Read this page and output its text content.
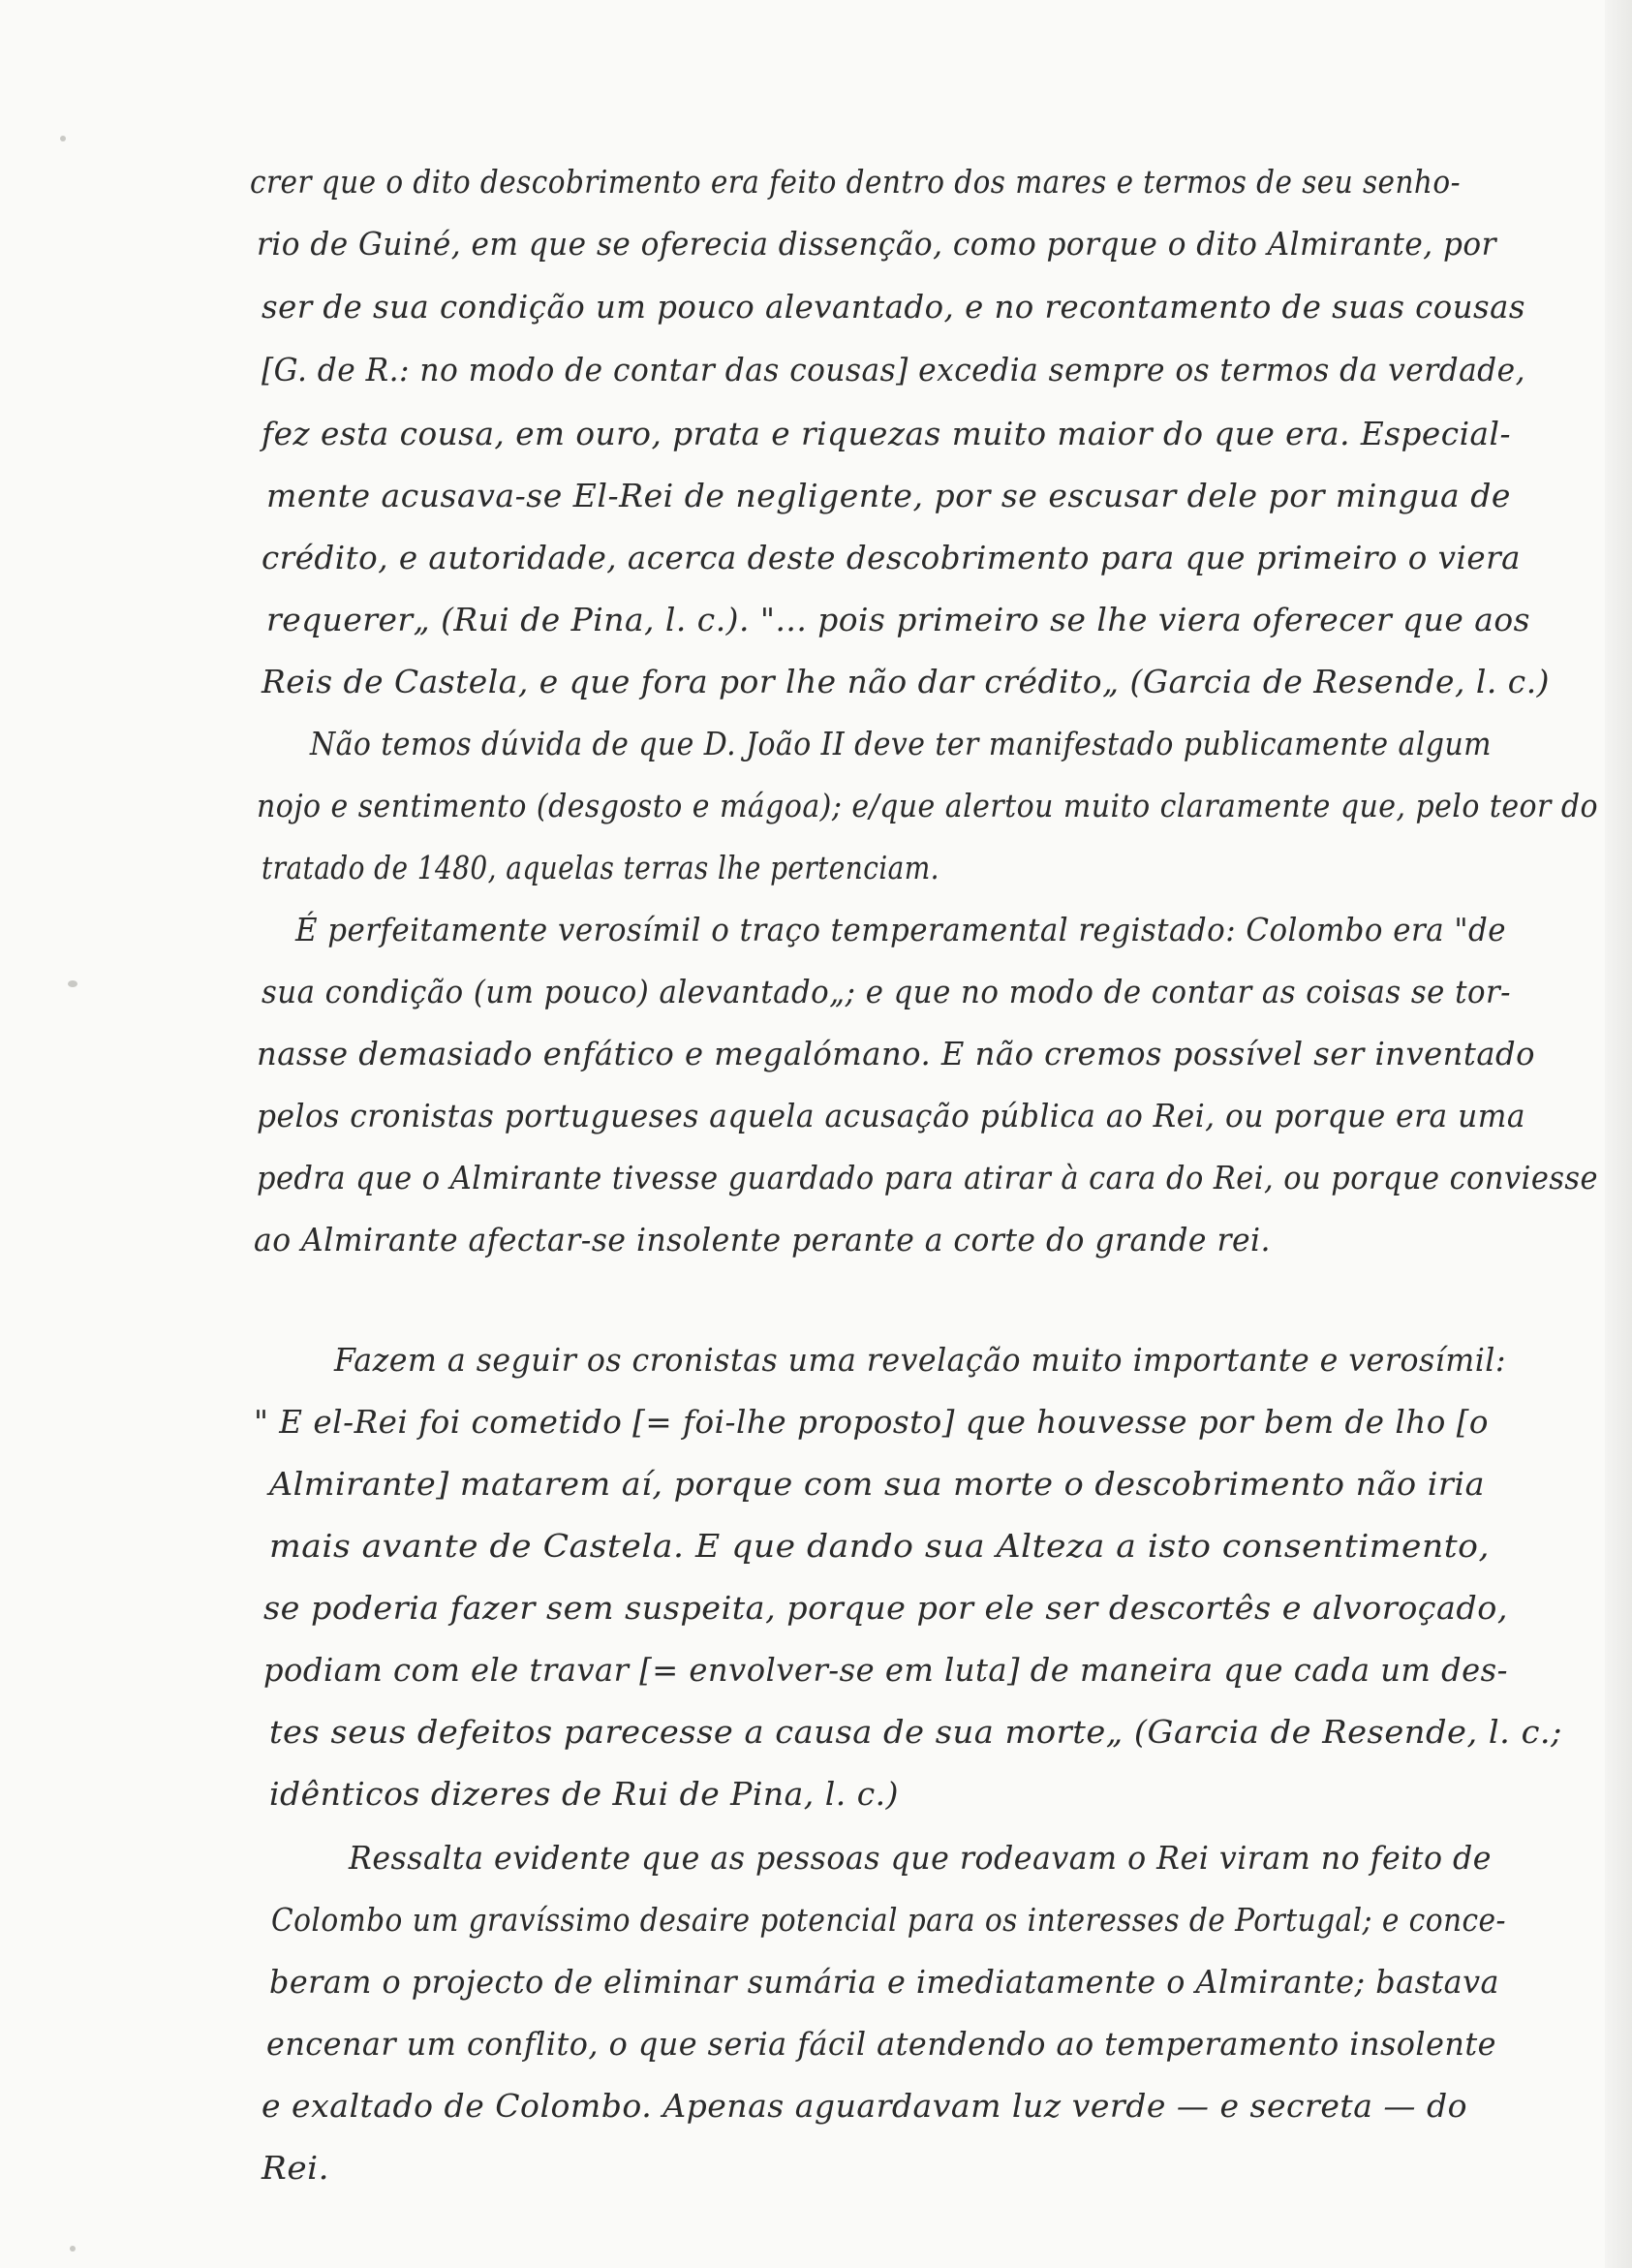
crer que o dito descobrimento era feito dentro dos mares e termos de seu senho-
rio de Guiné, em que se oferecia dissenção, como porque o dito Almirante, por
ser de sua condição um pouco alevantado, e no recontamento de suas cousas
[G. de R.: no modo de contar das cousas] excedia sempre os termos da verdade,
fez esta cousa, em ouro, prata e riquezas muito maior do que era. Especial-
mente acusava-se El-Rei de negligente, por se escusar dele por mingua de
crédito, e autoridade, acerca deste descobrimento para que primeiro o viera
requerer„ (Rui de Pina, l. c.). "... pois primeiro se lhe viera oferecer que aos
Reis de Castela, e que fora por lhe não dar crédito„ (Garcia de Resende, l. c.)
Não temos dúvida de que D. João II deve ter manifestado publicamente algum
nojo e sentimento (desgosto e mágoa); e/que alertou muito claramente que, pelo teor do
tratado de 1480, aquelas terras lhe pertenciam.
É perfeitamente verosímil o traço temperamental registado: Colombo era "de
sua condição (um pouco) alevantado„; e que no modo de contar as coisas se tor-
nasse demasiado enfático e megalómano. E não cremos possível ser inventado
pelos cronistas portugueses aquela acusação pública ao Rei, ou porque era uma
pedra que o Almirante tivesse guardado para atirar à cara do Rei, ou porque conviesse
ao Almirante afectar-se insolente perante a corte do grande rei.
Fazem a seguir os cronistas uma revelação muito importante e verosímil:
" E el-Rei foi cometido [= foi-lhe proposto] que houvesse por bem de lho [o
Almirante] matarem aí, porque com sua morte o descobrimento não iria
mais avante de Castela. E que dando sua Alteza a isto consentimento,
se poderia fazer sem suspeita, porque por ele ser descortês e alvoroçado,
podiam com ele travar [= envolver-se em luta] de maneira que cada um des-
tes seus defeitos parecesse a causa de sua morte„ (Garcia de Resende, l. c.;
idênticos dizeres de Rui de Pina, l. c.)
Ressalta evidente que as pessoas que rodeavam o Rei viram no feito de
Colombo um gravíssimo desaire potencial para os interesses de Portugal; e conce-
beram o projecto de eliminar sumária e imediatamente o Almirante; bastava
encenar um conflito, o que seria fácil atendendo ao temperamento insolente
e exaltado de Colombo. Apenas aguardavam luz verde — e secreta — do
Rei.
